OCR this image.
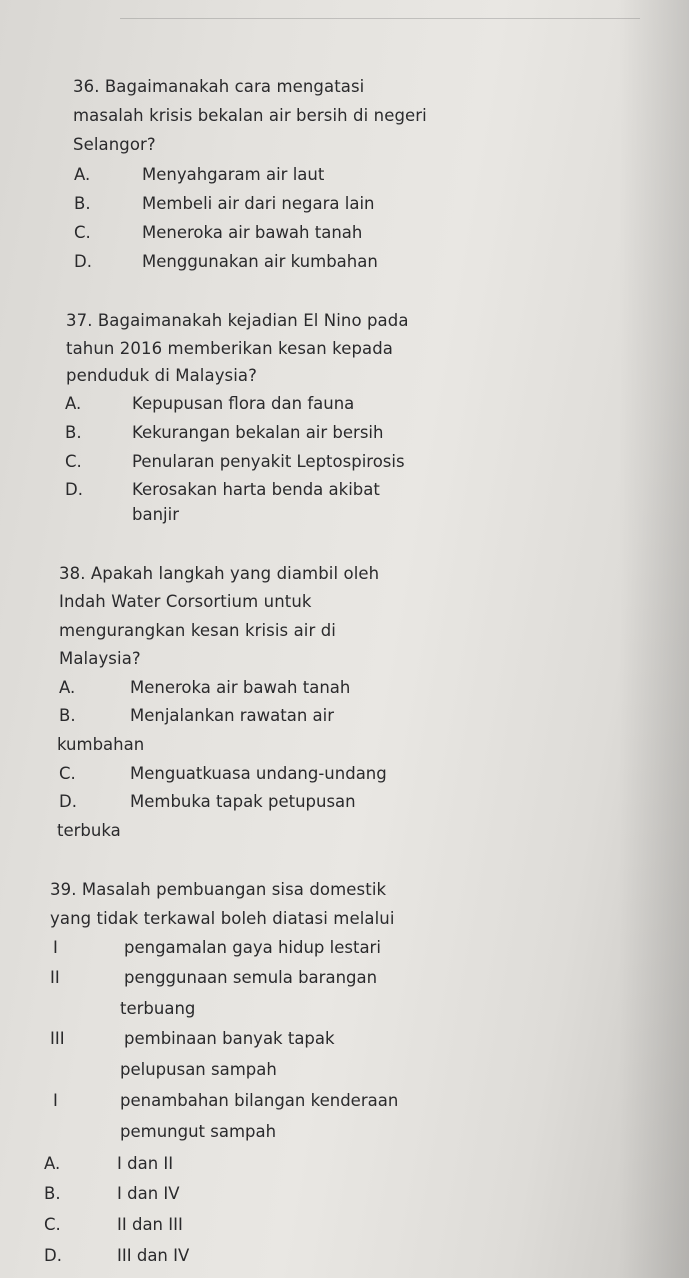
36. Bagaimanakah cara mengatasi
masalah krisis bekalan air bersih di negeri
Selangor?
A.	Menyahgaram air laut
B.	Membeli air dari negara lain
C.	Meneroka air bawah tanah
D.	Menggunakan air kumbahan
37. Bagaimanakah kejadian El Nino pada
tahun 2016 memberikan kesan kepada
penduduk di Malaysia?
A.	Kepupusan flora dan fauna
B.	Kekurangan bekalan air bersih
C.	Penularan penyakit Leptospirosis
D.	Kerosakan harta benda akibat
banjir
38. Apakah langkah yang diambil oleh
Indah Water Corsortium untuk
mengurangkan kesan krisis air di
Malaysia?
A.	Meneroka air bawah tanah
B.	Menjalankan rawatan air
kumbahan
C.	Menguatkuasa undang-undang
D.	Membuka tapak petupusan
terbuka
39. Masalah pembuangan sisa domestik
yang tidak terkawal boleh diatasi melalui
I	pengamalan gaya hidup lestari
II	penggunaan semula barangan
terbuang
III	pembinaan banyak tapak
pelupusan sampah
I	penambahan bilangan kenderaan
pemungut sampah
A.	I dan II
B.	I dan IV
C.	II dan III
D.	III dan IV
